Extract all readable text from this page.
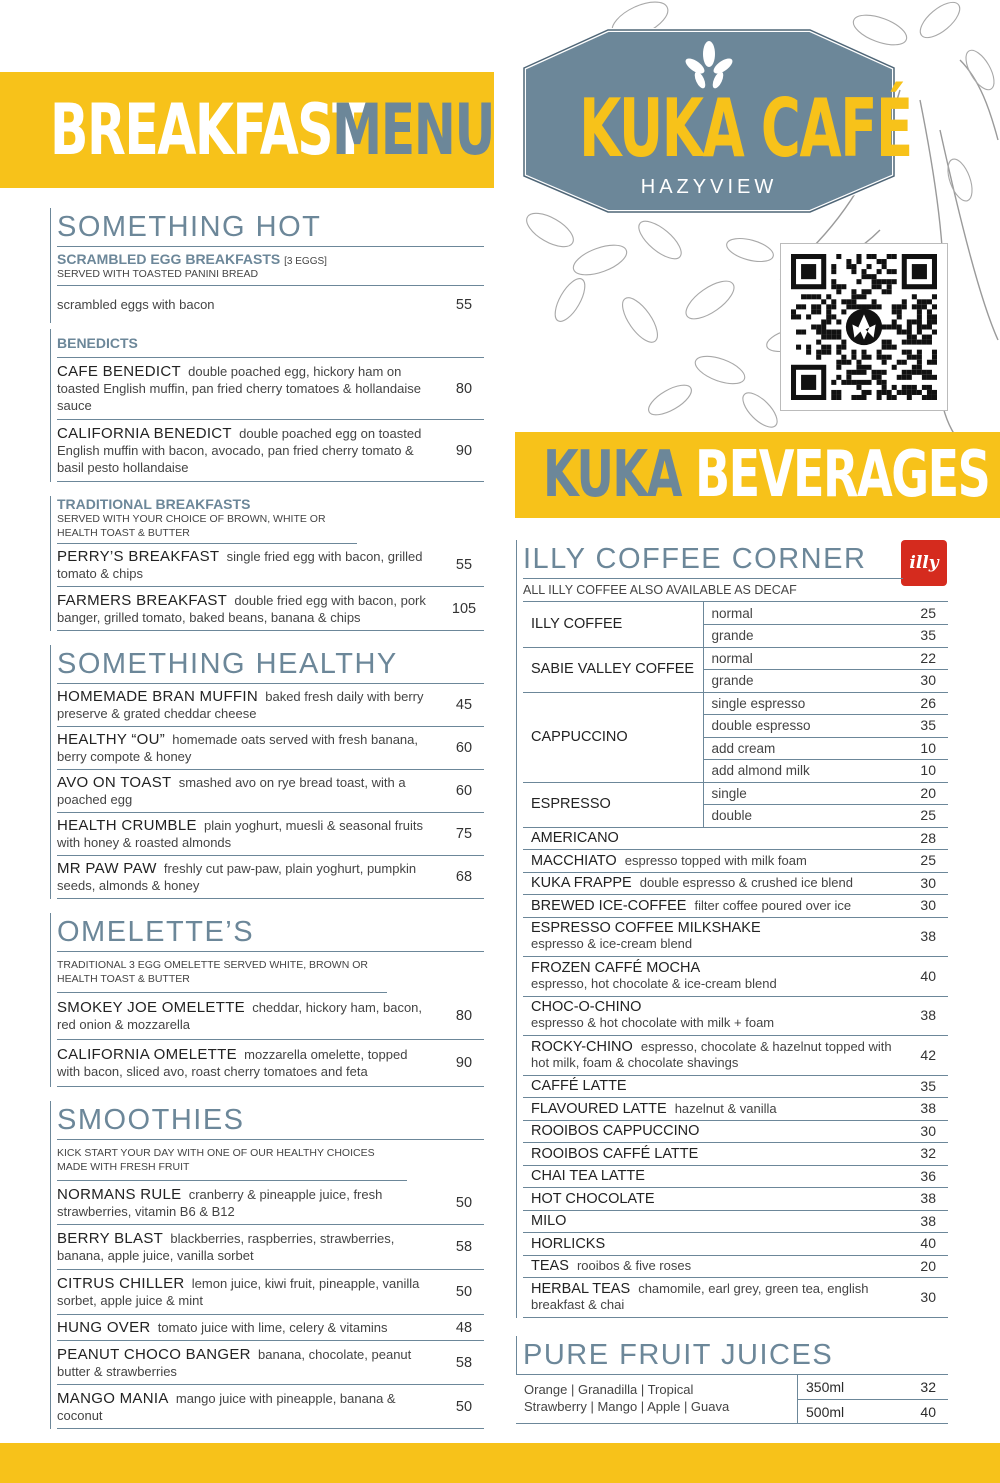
KUKA CAFÉ
HAZYVIEW
BREAKFAST
MENU
KUKA BEVERAGES
SOMETHING HOT
SCRAMBLED EGG BREAKFASTS [3 EGGS]
SERVED WITH TOASTED PANINI BREAD
scrambled eggs with bacon	55
BENEDICTS
CAFE BENEDICT double poached egg, hickory ham on toasted English muffin, pan fried cherry tomatoes & hollandaise sauce
80
CALIFORNIA BENEDICT double poached egg on toasted English muffin with bacon, avocado, pan fried cherry tomato & basil pesto hollandaise
90
TRADITIONAL BREAKFASTS
SERVED WITH YOUR CHOICE OF BROWN, WHITE OR HEALTH TOAST & BUTTER
PERRY’S BREAKFAST single fried egg with bacon, grilled tomato & chips
55
FARMERS BREAKFAST double fried egg with bacon, pork banger, grilled tomato, baked beans, banana & chips
105
SOMETHING HEALTHY
HOMEMADE BRAN MUFFIN baked fresh daily with berry preserve & grated cheddar cheese
45
HEALTHY “OU” homemade oats served with fresh banana, berry compote & honey
60
AVO ON TOAST smashed avo on rye bread toast, with a poached egg
60
HEALTH CRUMBLE plain yoghurt, muesli & seasonal fruits with honey & roasted almonds
75
MR PAW PAW freshly cut paw-paw, plain yoghurt, pumpkin seeds, almonds & honey
68
OMELETTE’S
TRADITIONAL 3 EGG OMELETTE SERVED WHITE, BROWN OR HEALTH TOAST & BUTTER
SMOKEY JOE OMELETTE cheddar, hickory ham, bacon, red onion & mozzarella
80
CALIFORNIA OMELETTE mozzarella omelette, topped with bacon, sliced avo, roast cherry tomatoes and feta
90
SMOOTHIES
KICK START YOUR DAY WITH ONE OF OUR HEALTHY CHOICES MADE WITH FRESH FRUIT
NORMANS RULE cranberry & pineapple juice, fresh strawberries, vitamin B6 & B12
50
BERRY BLAST blackberries, raspberries, strawberries, banana, apple juice, vanilla sorbet
58
CITRUS CHILLER lemon juice, kiwi fruit, pineapple, vanilla sorbet, apple juice & mint
50
HUNG OVER tomato juice with lime, celery & vitamins	48
PEANUT CHOCO BANGER banana, chocolate, peanut butter & strawberries
58
MANGO MANIA mango juice with pineapple, banana & coconut
50
illy
ILLY COFFEE CORNER
ALL ILLY COFFEE ALSO AVAILABLE AS DECAF
ILLY COFFEE	normal	25
	grande	35
SABIE VALLEY COFFEE	normal	22
	grande	30
CAPPUCCINO	single espresso	26
	double espresso	35
	add cream	10
	add almond milk	10
ESPRESSO	single	20
	double	25
AMERICANO		28
MACCHIATO espresso topped with milk foam		25
KUKA FRAPPE double espresso & crushed ice blend		30
BREWED ICE-COFFEE filter coffee poured over ice		30
ESPRESSO COFFEE MILKSHAKE
espresso & ice-cream blend		38
FROZEN CAFFÉ MOCHA
espresso, hot chocolate & ice-cream blend		40
CHOC-O-CHINO
espresso & hot chocolate with milk + foam		38
ROCKY-CHINO espresso, chocolate & hazelnut topped with hot milk, foam & chocolate shavings		42
CAFFÉ LATTE		35
FLAVOURED LATTE hazelnut & vanilla		38
ROOIBOS CAPPUCCINO		30
ROOIBOS CAFFÉ LATTE		32
CHAI TEA LATTE		36
HOT CHOCOLATE		38
MILO		38
HORLICKS		40
TEAS rooibos & five roses		20
HERBAL TEAS chamomile, earl grey, green tea, english breakfast & chai		30
PURE FRUIT JUICES
Orange | Granadilla | Tropical
Strawberry | Mango | Apple | Guava
350ml	32
500ml	40
